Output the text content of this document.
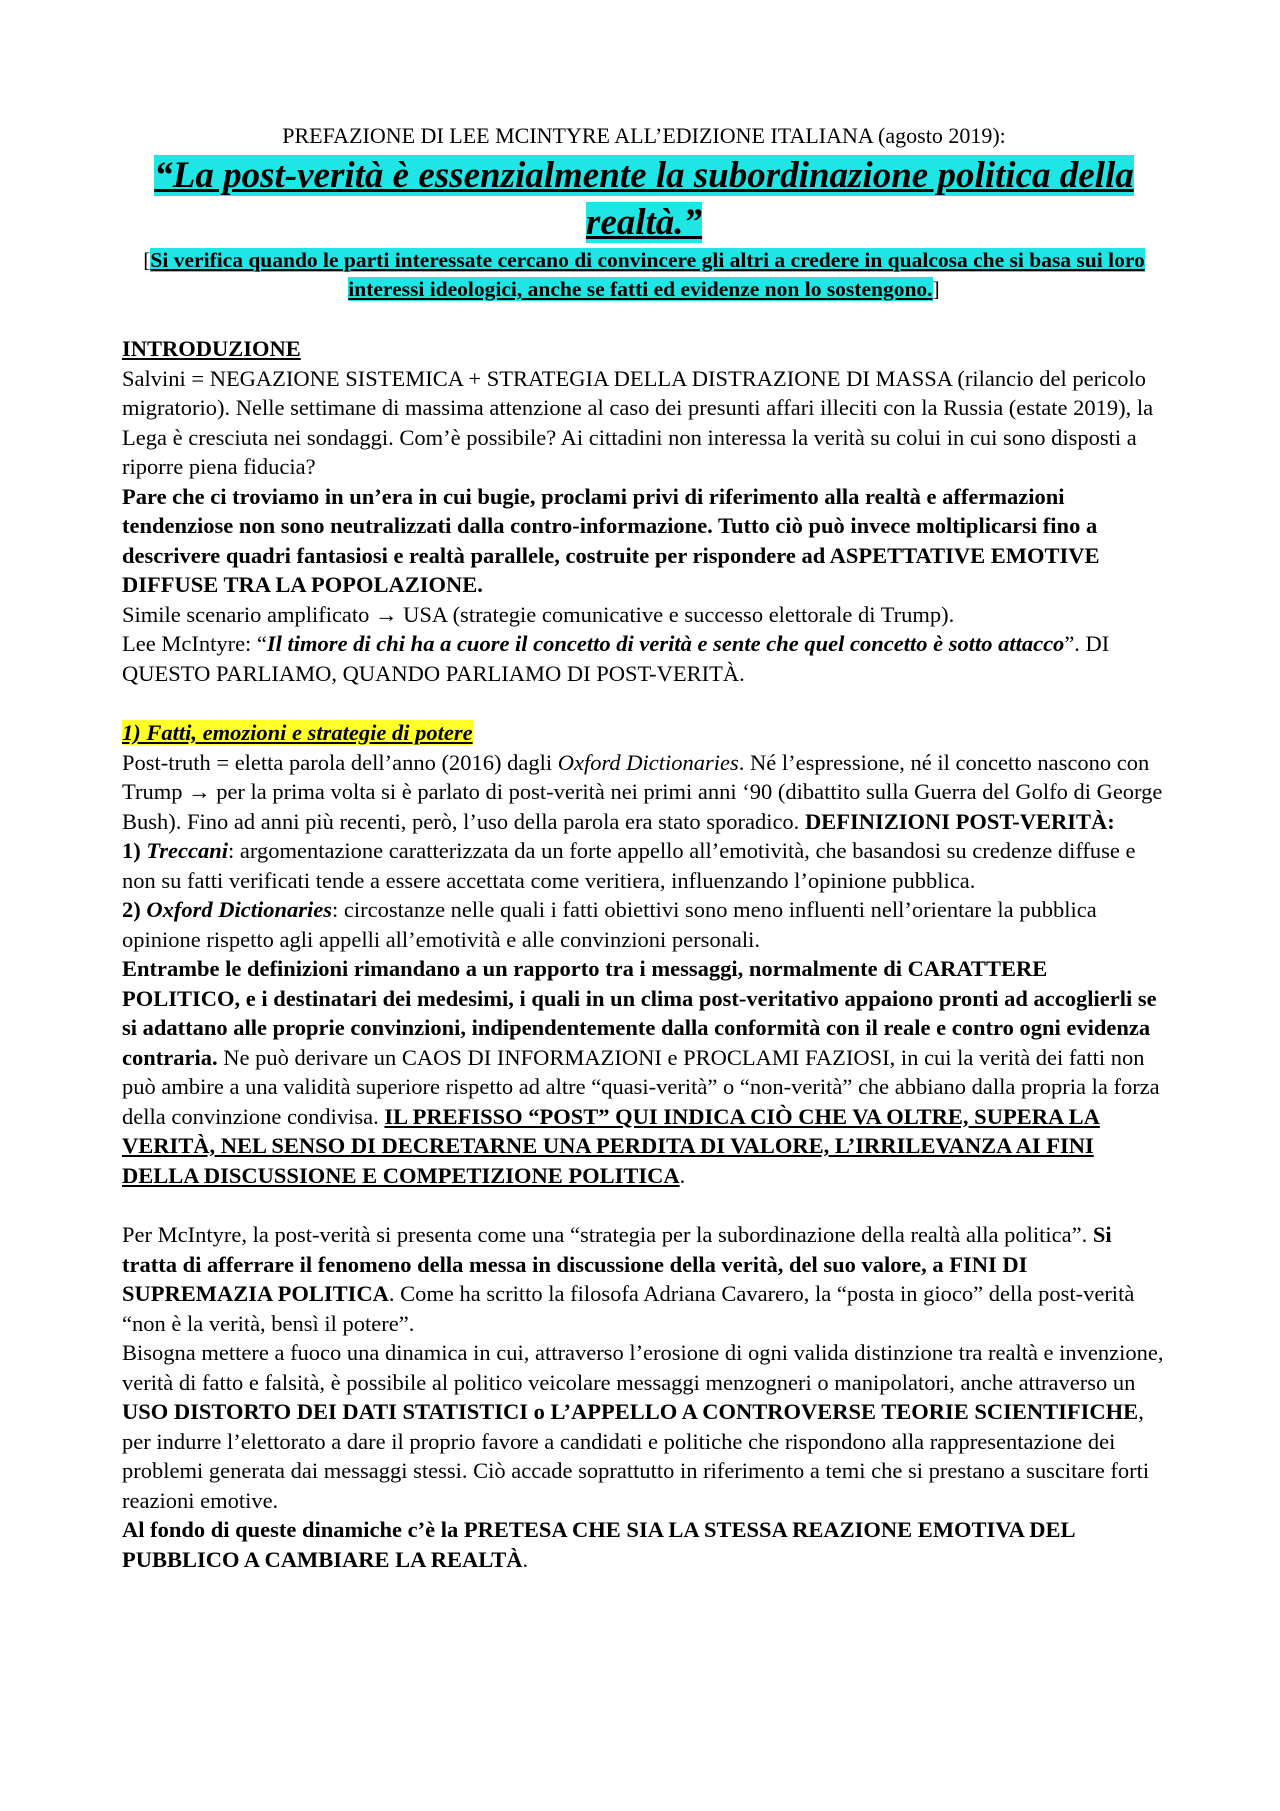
PREFAZIONE DI LEE MCINTYRE ALL’EDIZIONE ITALIANA (agosto 2019):

“La post-verità è essenzialmente la subordinazione politica della realtà.”

[Si verifica quando le parti interessate cercano di convincere gli altri a credere in qualcosa che si basa sui loro interessi ideologici, anche se fatti ed evidenze non lo sostengono.]

INTRODUZIONE

Salvini = NEGAZIONE SISTEMICA + STRATEGIA DELLA DISTRAZIONE DI MASSA (rilancio del pericolo migratorio). Nelle settimane di massima attenzione al caso dei presunti affari illeciti con la Russia (estate 2019), la Lega è cresciuta nei sondaggi. Com’è possibile? Ai cittadini non interessa la verità su colui in cui sono disposti a riporre piena fiducia?

Pare che ci troviamo in un’era in cui bugie, proclami privi di riferimento alla realtà e affermazioni tendenziose non sono neutralizzati dalla contro-informazione. Tutto ciò può invece moltiplicarsi fino a descrivere quadri fantasiosi e realtà parallele, costruite per rispondere ad ASPETTATIVE EMOTIVE DIFFUSE TRA LA POPOLAZIONE.

Simile scenario amplificato → USA (strategie comunicative e successo elettorale di Trump).

Lee McIntyre: “Il timore di chi ha a cuore il concetto di verità e sente che quel concetto è sotto attacco”. DI QUESTO PARLIAMO, QUANDO PARLIAMO DI POST-VERITÀ.

1) Fatti, emozioni e strategie di potere

Post-truth = eletta parola dell’anno (2016) dagli Oxford Dictionaries. Né l’espressione, né il concetto nascono con Trump → per la prima volta si è parlato di post-verità nei primi anni ‘90 (dibattito sulla Guerra del Golfo di George Bush). Fino ad anni più recenti, però, l’uso della parola era stato sporadico. DEFINIZIONI POST-VERITÀ:

1) Treccani: argomentazione caratterizzata da un forte appello all’emotività, che basandosi su credenze diffuse e non su fatti verificati tende a essere accettata come veritiera, influenzando l’opinione pubblica.

2) Oxford Dictionaries: circostanze nelle quali i fatti obiettivi sono meno influenti nell’orientare la pubblica opinione rispetto agli appelli all’emotività e alle convinzioni personali.

Entrambe le definizioni rimandano a un rapporto tra i messaggi, normalmente di CARATTERE POLITICO, e i destinatari dei medesimi, i quali in un clima post-veritativo appaiono pronti ad accoglierli se si adattano alle proprie convinzioni, indipendentemente dalla conformità con il reale e contro ogni evidenza contraria. Ne può derivare un CAOS DI INFORMAZIONI e PROCLAMI FAZIOSI, in cui la verità dei fatti non può ambire a una validità superiore rispetto ad altre “quasi-verità” o “non-verità” che abbiano dalla propria la forza della convinzione condivisa. IL PREFISSO “POST” QUI INDICA CIÒ CHE VA OLTRE, SUPERA LA VERITÀ, NEL SENSO DI DECRETARNE UNA PERDITA DI VALORE, L’IRRILEVANZA AI FINI DELLA DISCUSSIONE E COMPETIZIONE POLITICA.

Per McIntyre, la post-verità si presenta come una “strategia per la subordinazione della realtà alla politica”. Si tratta di afferrare il fenomeno della messa in discussione della verità, del suo valore, a FINI DI SUPREMAZIA POLITICA. Come ha scritto la filosofa Adriana Cavarero, la “posta in gioco” della post-verità “non è la verità, bensì il potere”.

Bisogna mettere a fuoco una dinamica in cui, attraverso l’erosione di ogni valida distinzione tra realtà e invenzione, verità di fatto e falsità, è possibile al politico veicolare messaggi menzogneri o manipolatori, anche attraverso un USO DISTORTO DEI DATI STATISTICI o L’APPELLO A CONTROVERSE TEORIE SCIENTIFICHE, per indurre l’elettorato a dare il proprio favore a candidati e politiche che rispondono alla rappresentazione dei problemi generata dai messaggi stessi. Ciò accade soprattutto in riferimento a temi che si prestano a suscitare forti reazioni emotive.

Al fondo di queste dinamiche c’è la PRETESA CHE SIA LA STESSA REAZIONE EMOTIVA DEL PUBBLICO A CAMBIARE LA REALTÀ.
